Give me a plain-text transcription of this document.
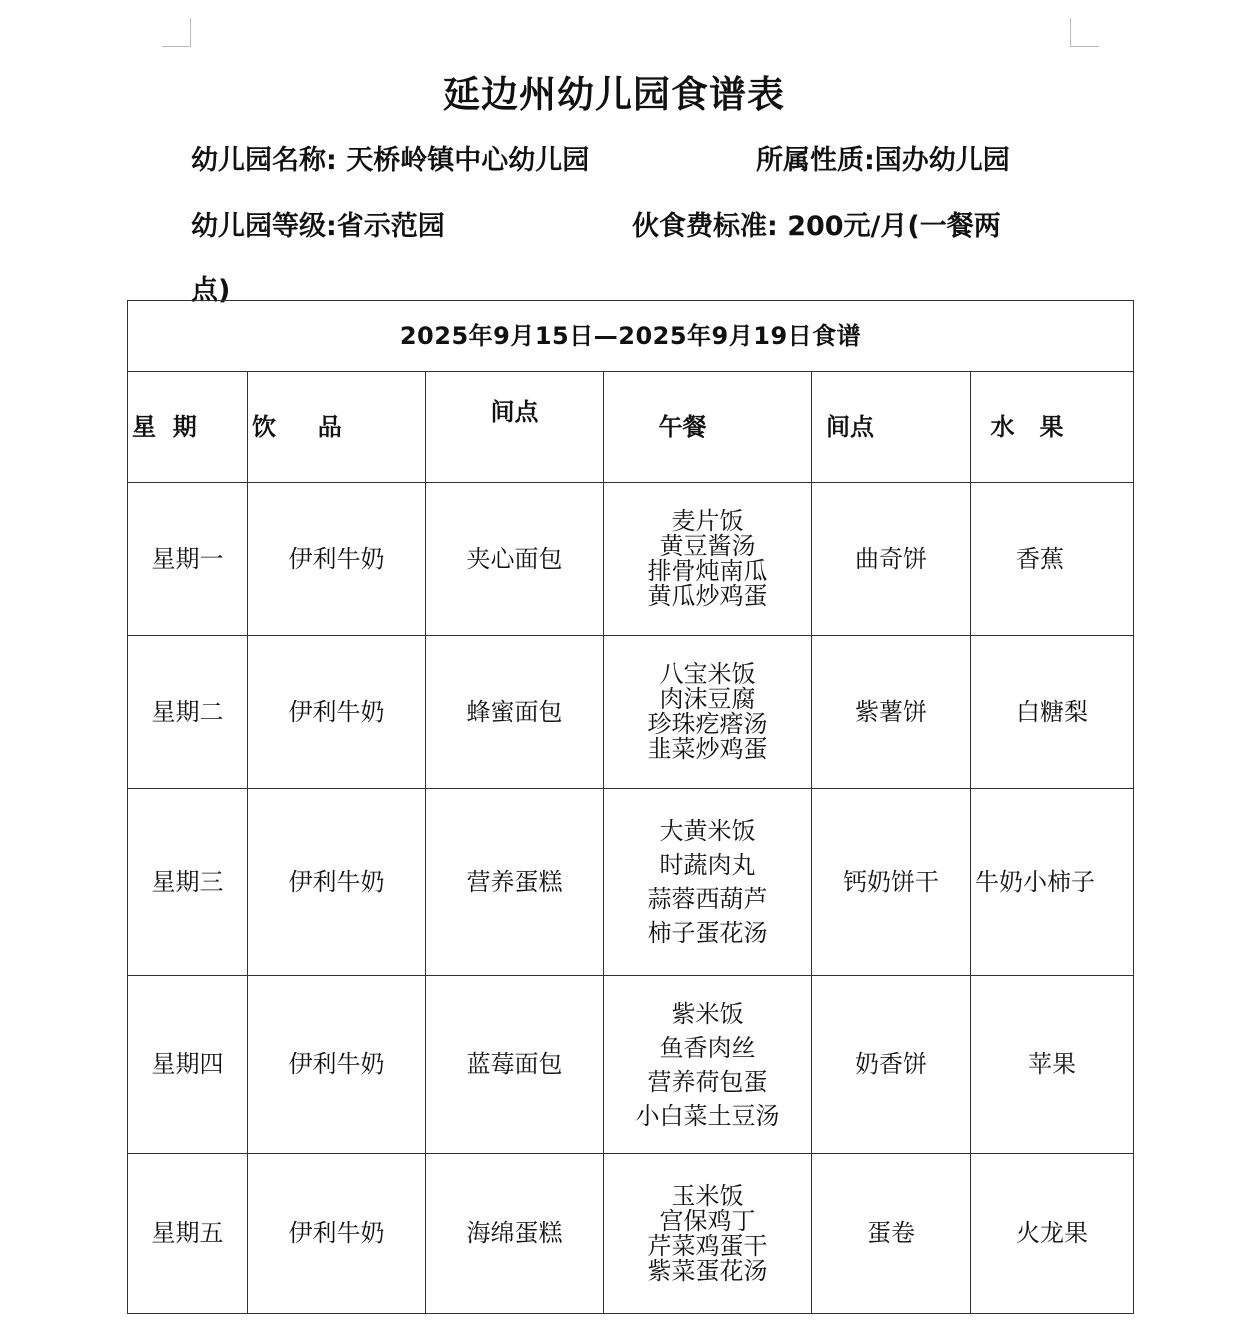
延边州幼儿园食谱表
幼儿园名称: 天桥岭镇中心幼儿园	所属性质:国办幼儿园
幼儿园等级:省示范园	伙食费标准: 200元/月(一餐两
点)
2025年9月15日—2025年9月19日食谱					
星  期	饮     品	间点	午餐	间点	水   果
星期一	伊利牛奶	夹心面包	麦片饭
黄豆酱汤
排骨炖南瓜
黄瓜炒鸡蛋	曲奇饼	香蕉
星期二	伊利牛奶	蜂蜜面包	八宝米饭
肉沫豆腐
珍珠疙瘩汤
韭菜炒鸡蛋	紫薯饼	白糖梨
星期三	伊利牛奶	营养蛋糕	大黄米饭
时蔬肉丸
蒜蓉西葫芦
柿子蛋花汤	钙奶饼干	牛奶小柿子
星期四	伊利牛奶	蓝莓面包	紫米饭
鱼香肉丝
营养荷包蛋
小白菜土豆汤	奶香饼	苹果
星期五	伊利牛奶	海绵蛋糕	玉米饭
宫保鸡丁
芹菜鸡蛋干
紫菜蛋花汤	蛋卷	火龙果
